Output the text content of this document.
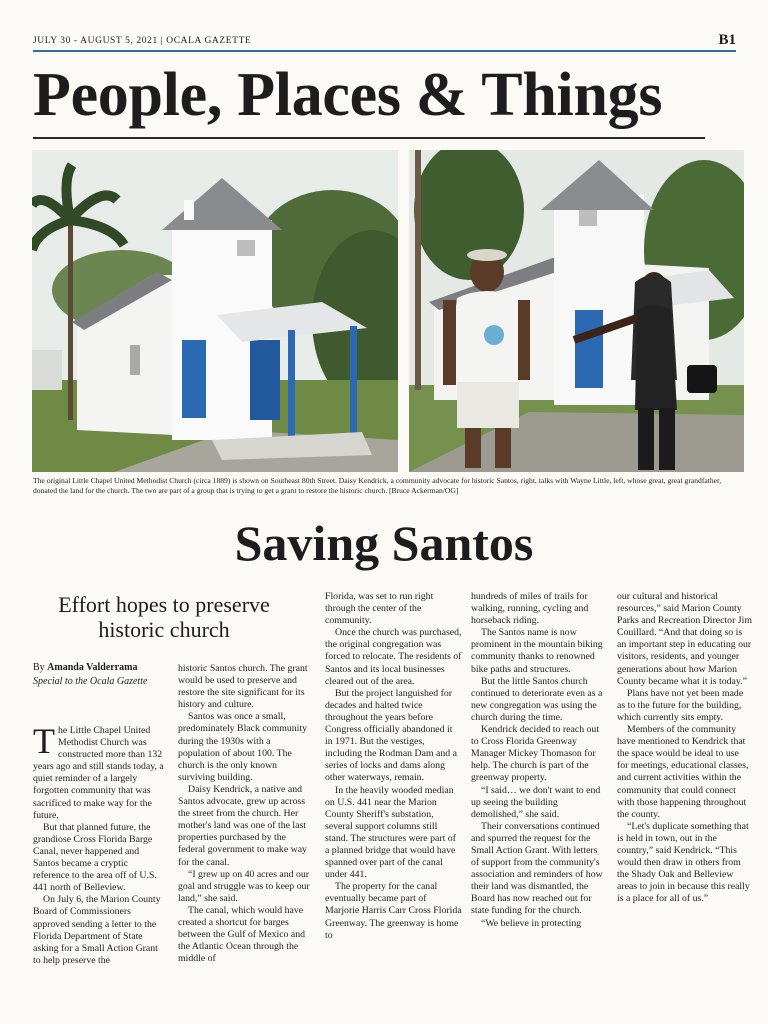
JULY 30 - AUGUST 5, 2021 | OCALA GAZETTE	B1
People, Places & Things

The original Little Chapel United Methodist Church (circa 1889) is shown on Southeast 80th Street. Daisy Kendrick, a community advocate for historic Santos, right, talks with Wayne Little, left, whose great, great grandfather, donated the land for the church. The two are part of a group that is trying to get a grant to restore the historic church. [Bruce Ackerman/OG]

Saving Santos
Effort hopes to preserve historic church
By Amanda Valderrama
Special to the Ocala Gazette

The Little Chapel United Methodist Church was constructed more than 132 years ago and still stands today, a quiet reminder of a largely forgotten community that was sacrificed to make way for the future.

But that planned future, the grandiose Cross Florida Barge Canal, never happened and Santos became a cryptic reference to the area off of U.S. 441 north of Belleview.

On July 6, the Marion County Board of Commissioners approved sending a letter to the Florida Department of State asking for a Small Action Grant to help preserve the

historic Santos church. The grant would be used to preserve and restore the site significant for its history and culture.

Santos was once a small, predominately Black community during the 1930s with a population of about 100. The church is the only known surviving building.

Daisy Kendrick, a native and Santos advocate, grew up across the street from the church. Her mother's land was one of the last properties purchased by the federal government to make way for the canal.

“I grew up on 40 acres and our goal and struggle was to keep our land,” she said.

The canal, which would have created a shortcut for barges between the Gulf of Mexico and the Atlantic Ocean through the middle of

Florida, was set to run right through the center of the community.

Once the church was purchased, the original congregation was forced to relocate. The residents of Santos and its local businesses cleared out of the area.

But the project languished for decades and halted twice throughout the years before Congress officially abandoned it in 1971. But the vestiges, including the Rodman Dam and a series of locks and dams along other waterways, remain.

In the heavily wooded median on U.S. 441 near the Marion County Sheriff's substation, several support columns still stand. The structures were part of a planned bridge that would have spanned over part of the canal under 441.

The property for the canal eventually became part of Marjorie Harris Carr Cross Florida Greenway. The greenway is home to

hundreds of miles of trails for walking, running, cycling and horseback riding.

The Santos name is now prominent in the mountain biking community thanks to renowned bike paths and structures.

But the little Santos church continued to deteriorate even as a new congregation was using the church during the time.

Kendrick decided to reach out to Cross Florida Greenway Manager Mickey Thomason for help. The church is part of the greenway property.

“I said… we don't want to end up seeing the building demolished,” she said.

Their conversations continued and spurred the request for the Small Action Grant. With letters of support from the community's association and reminders of how their land was dismantled, the Board has now reached out for state funding for the church.

“We believe in protecting

our cultural and historical resources,” said Marion County Parks and Recreation Director Jim Couillard. “And that doing so is an important step in educating our visitors, residents, and younger generations about how Marion County became what it is today.”

Plans have not yet been made as to the future for the building, which currently sits empty.

Members of the community have mentioned to Kendrick that the space would be ideal to use for meetings, educational classes, and current activities within the community that could connect with those happening throughout the county.

“Let's duplicate something that is held in town, out in the country,” said Kendrick. “This would then draw in others from the Shady Oak and Belleview areas to join in because this really is a place for all of us.”
